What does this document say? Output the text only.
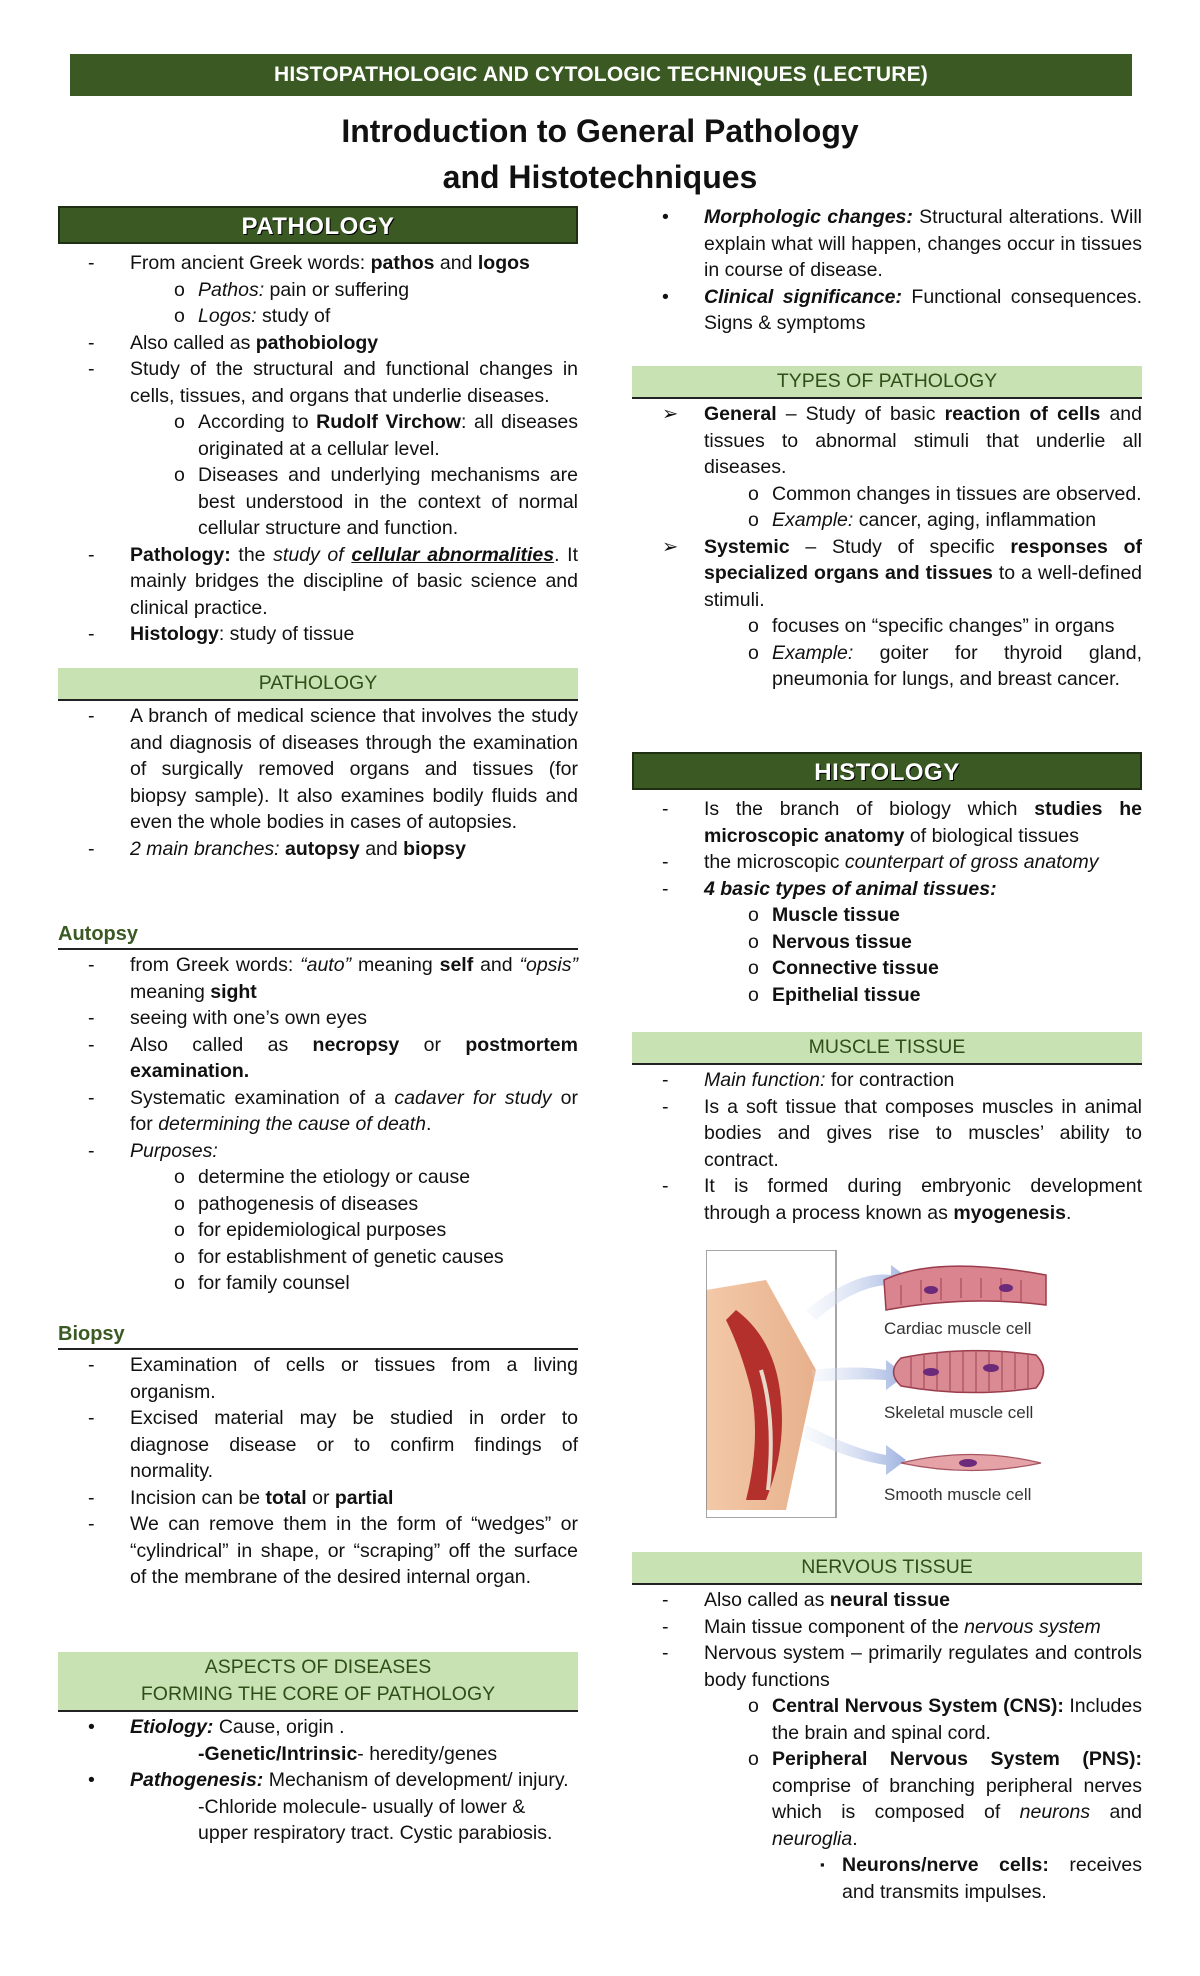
HISTOPATHOLOGIC AND CYTOLOGIC TECHNIQUES (LECTURE)
Introduction to General Pathology
and Histotechniques
PATHOLOGY
- From ancient Greek words: pathos and logos
o Pathos: pain or suffering
o Logos: study of
- Also called as pathobiology
- Study of the structural and functional changes in cells, tissues, and organs that underlie diseases.
o According to Rudolf Virchow: all diseases originated at a cellular level.
o Diseases and underlying mechanisms are best understood in the context of normal cellular structure and function.
- Pathology: the study of cellular abnormalities. It mainly bridges the discipline of basic science and clinical practice.
- Histology: study of tissue
PATHOLOGY
- A branch of medical science that involves the study and diagnosis of diseases through the examination of surgically removed organs and tissues (for biopsy sample). It also examines bodily fluids and even the whole bodies in cases of autopsies.
- 2 main branches: autopsy and biopsy
Autopsy
- from Greek words: “auto” meaning self and “opsis” meaning sight
- seeing with one’s own eyes
- Also called as necropsy or postmortem examination.
- Systematic examination of a cadaver for study or for determining the cause of death.
- Purposes:
o determine the etiology or cause
o pathogenesis of diseases
o for epidemiological purposes
o for establishment of genetic causes
o for family counsel
Biopsy
- Examination of cells or tissues from a living organism.
- Excised material may be studied in order to diagnose disease or to confirm findings of normality.
- Incision can be total or partial
- We can remove them in the form of “wedges” or “cylindrical” in shape, or “scraping” off the surface of the membrane of the desired internal organ.
ASPECTS OF DISEASES
FORMING THE CORE OF PATHOLOGY
• Etiology: Cause, origin .
-Genetic/Intrinsic- heredity/genes
• Pathogenesis: Mechanism of development/ injury.
-Chloride molecule- usually of lower & upper respiratory tract. Cystic parabiosis.
• Morphologic changes: Structural alterations. Will explain what will happen, changes occur in tissues in course of disease.
• Clinical significance: Functional consequences. Signs & symptoms
TYPES OF PATHOLOGY
➢ General – Study of basic reaction of cells and tissues to abnormal stimuli that underlie all diseases.
o Common changes in tissues are observed.
o Example: cancer, aging, inflammation
➢ Systemic – Study of specific responses of specialized organs and tissues to a well-defined stimuli.
o focuses on “specific changes” in organs
o Example: goiter for thyroid gland, pneumonia for lungs, and breast cancer.
HISTOLOGY
- Is the branch of biology which studies he microscopic anatomy of biological tissues
- the microscopic counterpart of gross anatomy
- 4 basic types of animal tissues:
o Muscle tissue
o Nervous tissue
o Connective tissue
o Epithelial tissue
MUSCLE TISSUE
- Main function: for contraction
- Is a soft tissue that composes muscles in animal bodies and gives rise to muscles’ ability to contract.
- It is formed during embryonic development through a process known as myogenesis.
NERVOUS TISSUE
- Also called as neural tissue
- Main tissue component of the nervous system
- Nervous system – primarily regulates and controls body functions
o Central Nervous System (CNS): Includes the brain and spinal cord.
o Peripheral Nervous System (PNS): comprise of branching peripheral nerves which is composed of neurons and neuroglia.
▪ Neurons/nerve cells: receives and transmits impulses.
Cardiac muscle cell
Skeletal muscle cell
Smooth muscle cell
